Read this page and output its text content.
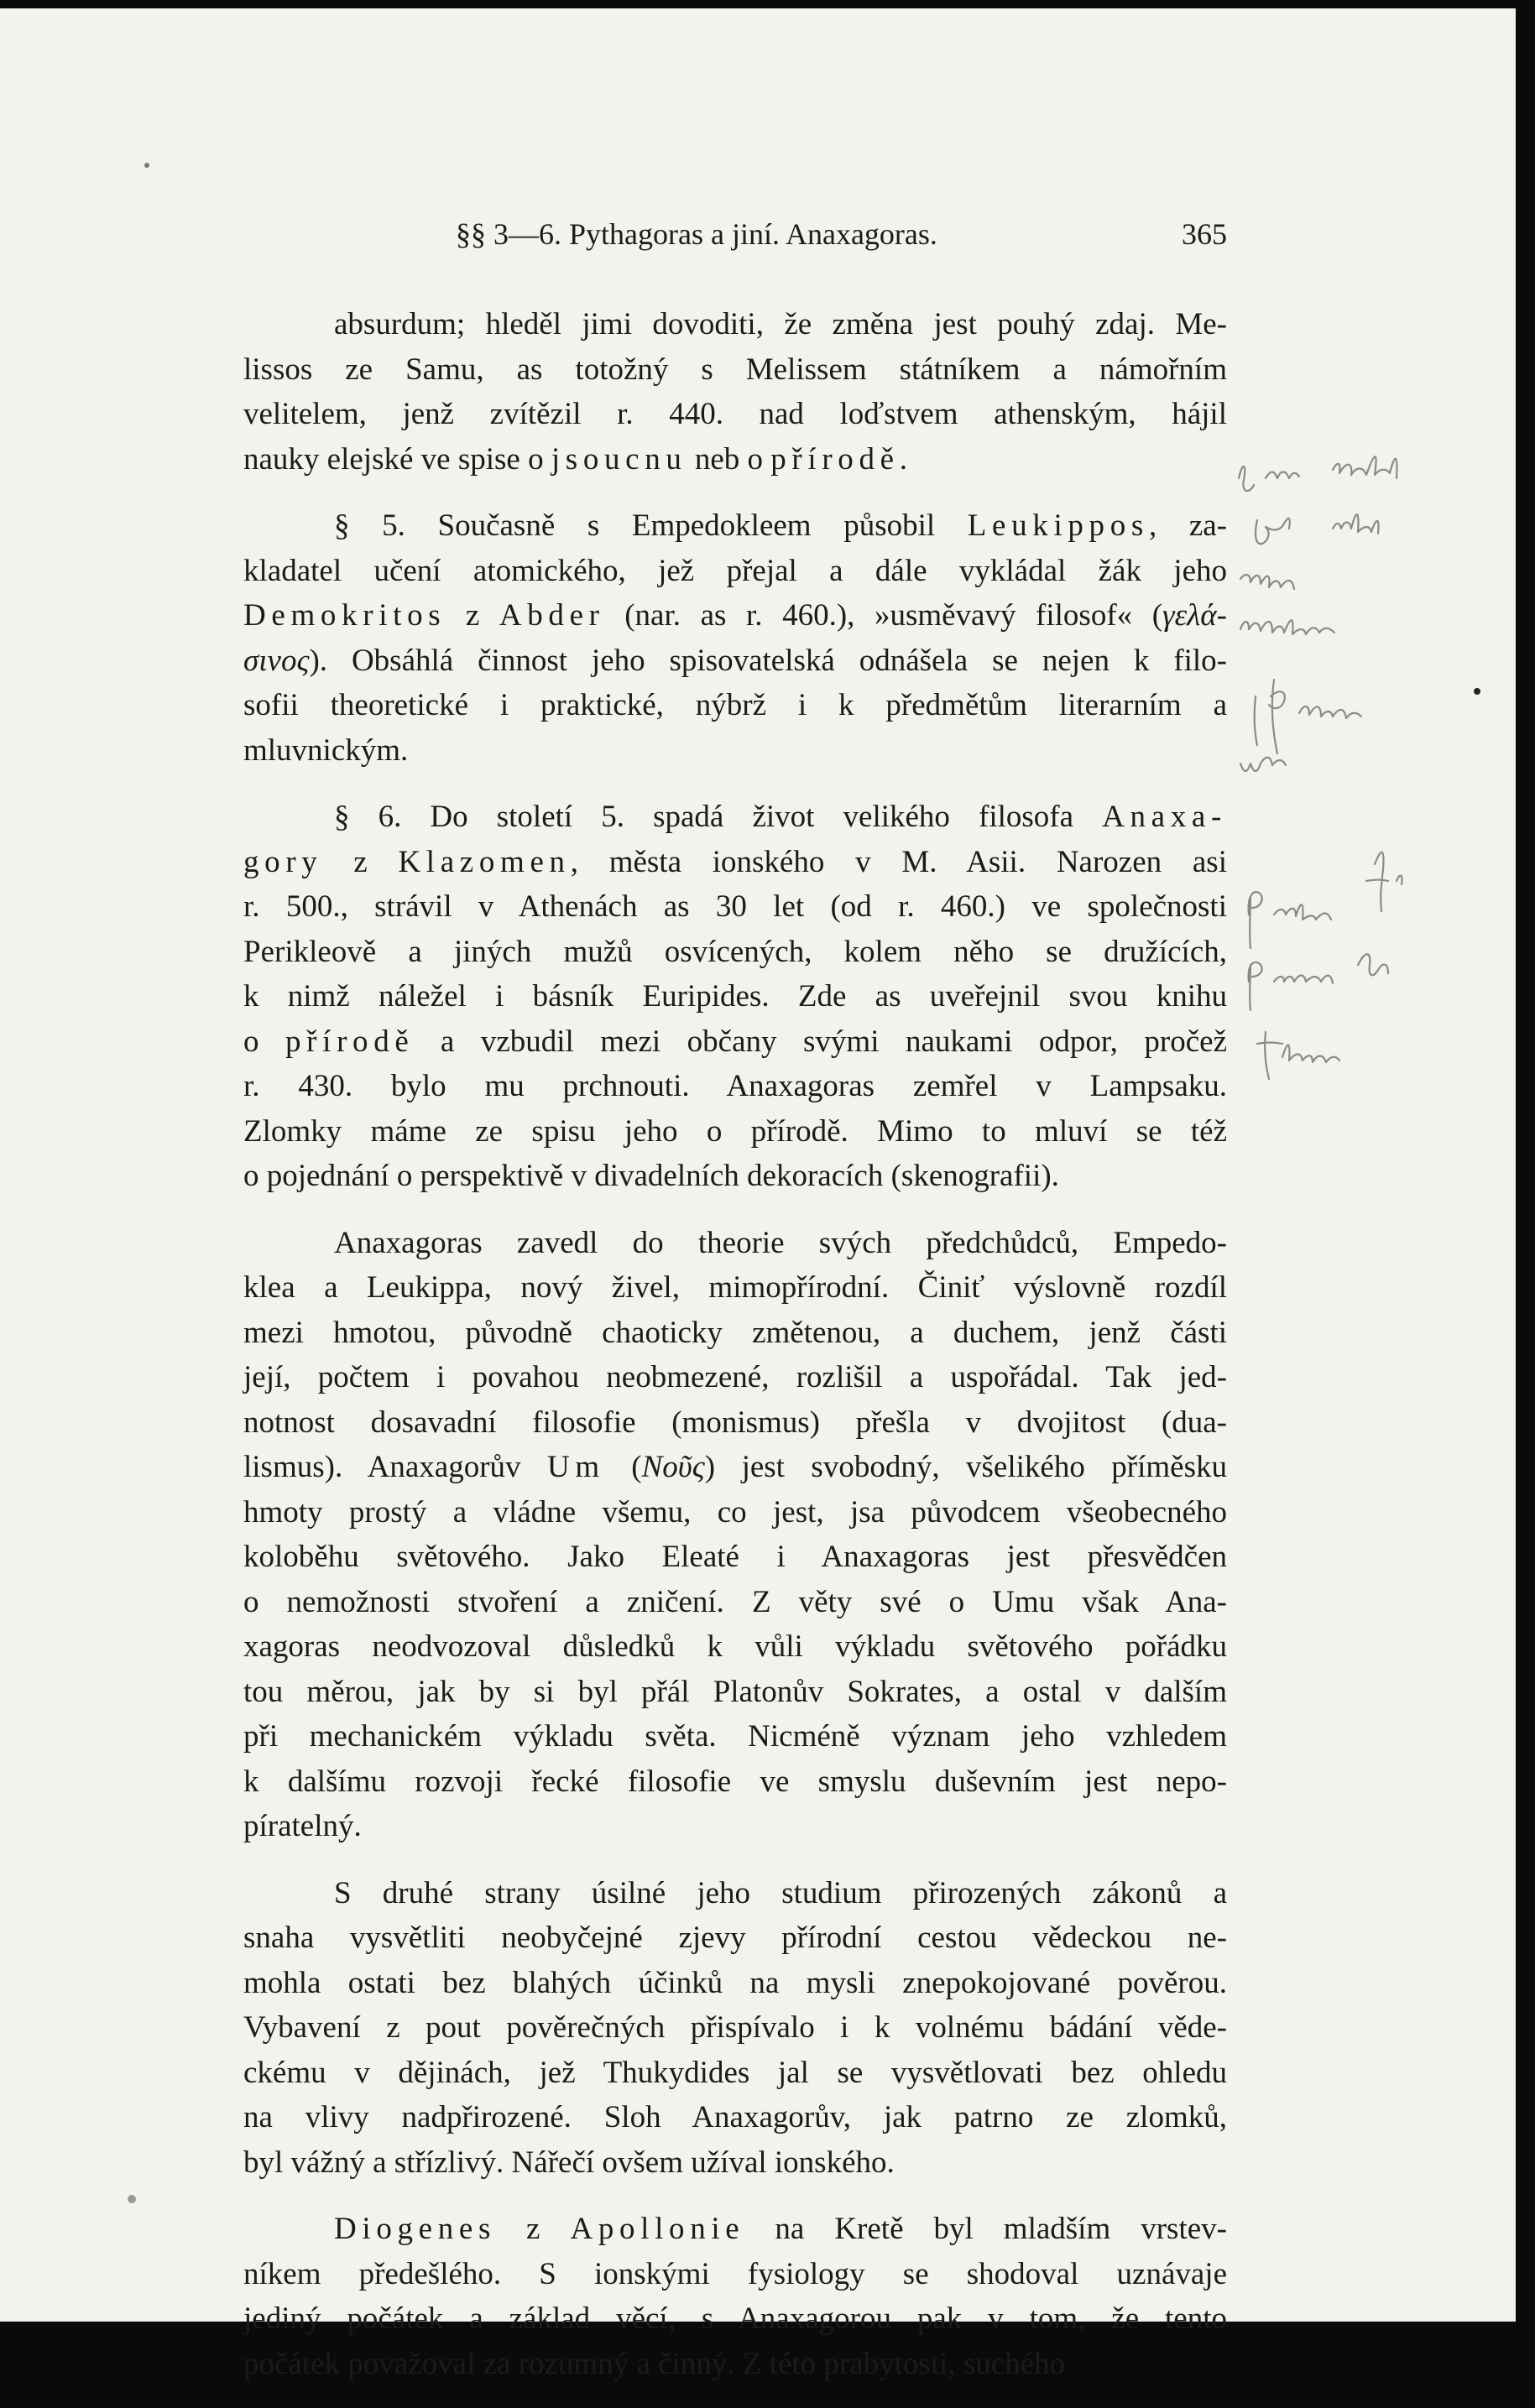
§§ 3—6. Pythagoras a jiní. Anaxagoras.	365

absurdum; hleděl jimi dovoditi, že změna jest pouhý zdaj. Me-
lissos ze Samu, as totožný s Melissem státníkem a námořním
velitelem, jenž zvítězil r. 440. nad loďstvem athenským, hájil
nauky elejské ve spise o jsoucnu neb o přírodě.

§ 5. Současně s Empedokleem působil Leukippos, za-
kladatel učení atomického, jež přejal a dále vykládal žák jeho
Demokritos z Abder (nar. as r. 460.), »usměvavý filosof« (γελά-
σινος). Obsáhlá činnost jeho spisovatelská odnášela se nejen k filo-
sofii theoretické i praktické, nýbrž i k předmětům literarním a
mluvnickým.

§ 6. Do století 5. spadá život velikého filosofa Anaxa-
gory z Klazomen, města ionského v M. Asii. Narozen asi
r. 500., strávil v Athenách as 30 let (od r. 460.) ve společnosti
Perikleově a jiných mužů osvícených, kolem něho se družících,
k nimž náležel i básník Euripides. Zde as uveřejnil svou knihu
o přírodě a vzbudil mezi občany svými naukami odpor, pročež
r. 430. bylo mu prchnouti. Anaxagoras zemřel v Lampsaku.
Zlomky máme ze spisu jeho o přírodě. Mimo to mluví se též
o pojednání o perspektivě v divadelních dekoracích (skenografii).

Anaxagoras zavedl do theorie svých předchůdců, Empedo-
klea a Leukippa, nový živel, mimopřírodní. Činiť výslovně rozdíl
mezi hmotou, původně chaoticky změtenou, a duchem, jenž části
její, počtem i povahou neobmezené, rozlišil a uspořádal. Tak jed-
notnost dosavadní filosofie (monismus) přešla v dvojitost (dua-
lismus). Anaxagorův Um (Νοῦς) jest svobodný, všelikého příměsku
hmoty prostý a vládne všemu, co jest, jsa původcem všeobecného
koloběhu světového. Jako Eleaté i Anaxagoras jest přesvědčen
o nemožnosti stvoření a zničení. Z věty své o Umu však Ana-
xagoras neodvozoval důsledků k vůli výkladu světového pořádku
tou měrou, jak by si byl přál Platonův Sokrates, a ostal v dalším
při mechanickém výkladu světa. Nicméně význam jeho vzhledem
k dalšímu rozvoji řecké filosofie ve smyslu duševním jest nepo-
píratelný.

S druhé strany úsilné jeho studium přirozených zákonů a
snaha vysvětliti neobyčejné zjevy přírodní cestou vědeckou ne-
mohla ostati bez blahých účinků na mysli znepokojované pověrou.
Vybavení z pout pověrečných přispívalo i k volnému bádání věde-
ckému v dějinách, jež Thukydides jal se vysvětlovati bez ohledu
na vlivy nadpřirozené. Sloh Anaxagorův, jak patrno ze zlomků,
byl vážný a střízlivý. Nářečí ovšem užíval ionského.

Diogenes z Apollonie na Kretě byl mladším vrstev-
níkem předešlého. S ionskými fysiology se shodoval uznávaje
jediný počátek a základ věcí, s Anaxagorou pak v tom, že tento
počátek považoval za rozumný a činný. Z této prabytosti, suchého
